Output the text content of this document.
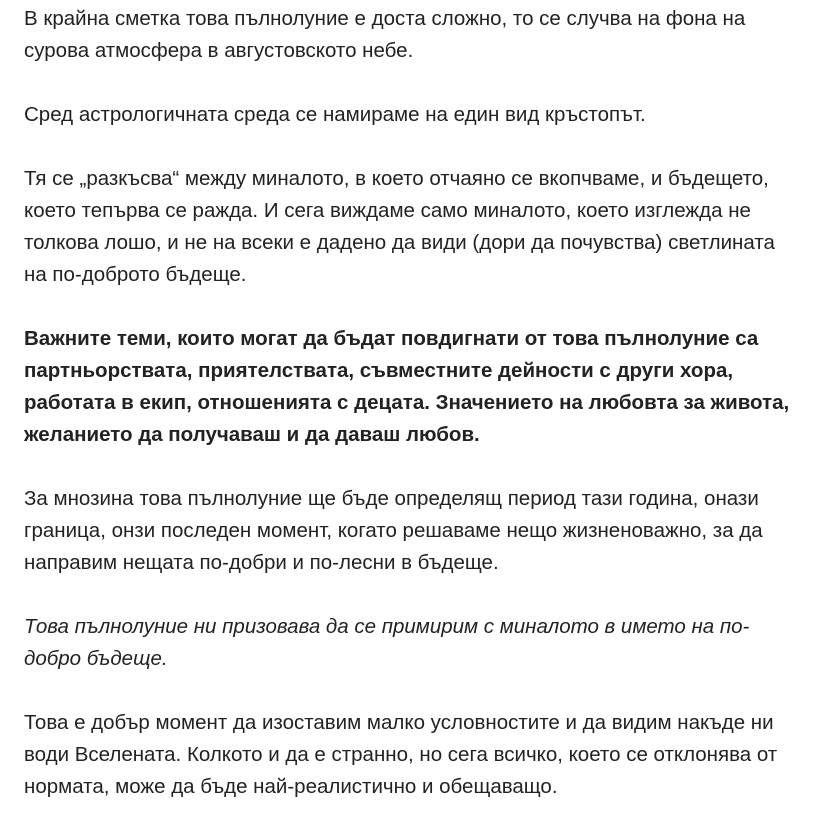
В крайна сметка това пълнолуние е доста сложно, то се случва на фона на
сурова атмосфера в августовското небе.

Сред астрологичната среда се намираме на един вид кръстопът.

Тя се „разкъсва“ между миналото, в което отчаяно се вкопчваме, и бъдещето,
което тепърва се ражда. И сега виждаме само миналото, което изглежда не
толкова лошо, и не на всеки е дадено да види (дори да почувства) светлината
на по-доброто бъдеще.

Важните теми, които могат да бъдат повдигнати от това пълнолуние са
партньорствата, приятелствата, съвместните дейности с други хора,
работата в екип, отношенията с децата. Значението на любовта за живота,
желанието да получаваш и да даваш любов.

За мнозина това пълнолуние ще бъде определящ период тази година, онази
граница, онзи последен момент, когато решаваме нещо жизненоважно, за да
направим нещата по-добри и по-лесни в бъдеще.

Това пълнолуние ни призовава да се примирим с миналото в името на по-
добро бъдеще.

Това е добър момент да изоставим малко условностите и да видим накъде ни
води Вселената. Колкото и да е странно, но сега всичко, което се отклонява от
нормата, може да бъде най-реалистично и обещаващо.
